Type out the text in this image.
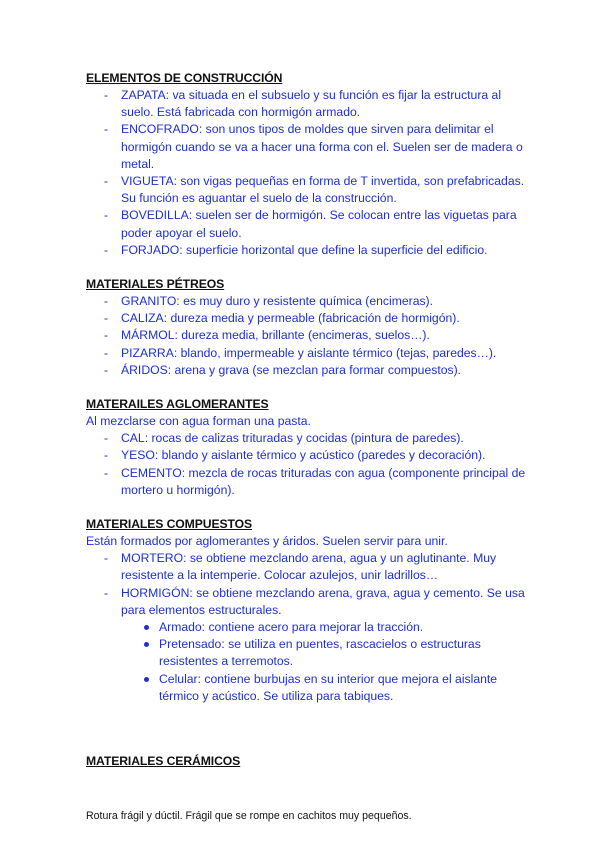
ELEMENTOS DE CONSTRUCCIÓN

- ZAPATA: va situada en el subsuelo y su función es fijar la estructura al suelo. Está fabricada con hormigón armado.
- ENCOFRADO: son unos tipos de moldes que sirven para delimitar el hormigón cuando se va a hacer una forma con el. Suelen ser de madera o metal.
- VIGUETA: son vigas pequeñas en forma de T invertida, son prefabricadas. Su función es aguantar el suelo de la construcción.
- BOVEDILLA: suelen ser de hormigón. Se colocan entre las viguetas para poder apoyar el suelo.
- FORJADO: superficie horizontal que define la superficie del edificio.

MATERIALES PÉTREOS

- GRANITO: es muy duro y resistente química (encimeras).
- CALIZA: dureza media y permeable (fabricación de hormigón).
- MÁRMOL: dureza media, brillante (encimeras, suelos…).
- PIZARRA: blando, impermeable y aislante térmico (tejas, paredes…).
- ÁRIDOS: arena y grava (se mezclan para formar compuestos).

MATERAILES AGLOMERANTES

Al mezclarse con agua forman una pasta.

- CAL: rocas de calizas trituradas y cocidas (pintura de paredes).
- YESO: blando y aislante térmico y acústico (paredes y decoración).
- CEMENTO: mezcla de rocas trituradas con agua (componente principal de mortero u hormigón).

MATERIALES COMPUESTOS

Están formados por aglomerantes y áridos. Suelen servir para unir.

- MORTERO: se obtiene mezclando arena, agua y un aglutinante. Muy resistente a la intemperie. Colocar azulejos, unir ladrillos…
- HORMIGÓN: se obtiene mezclando arena, grava, agua y cemento. Se usa para elementos estructurales.
Armado: contiene acero para mejorar la tracción.
Pretensado: se utiliza en puentes, rascacielos o estructuras resistentes a terremotos.
Celular: contiene burbujas en su interior que mejora el aislante térmico y acústico. Se utiliza para tabiques.

MATERIALES CERÁMICOS

Rotura frágil y dúctil. Frágil que se rompe en cachitos muy pequeños.
